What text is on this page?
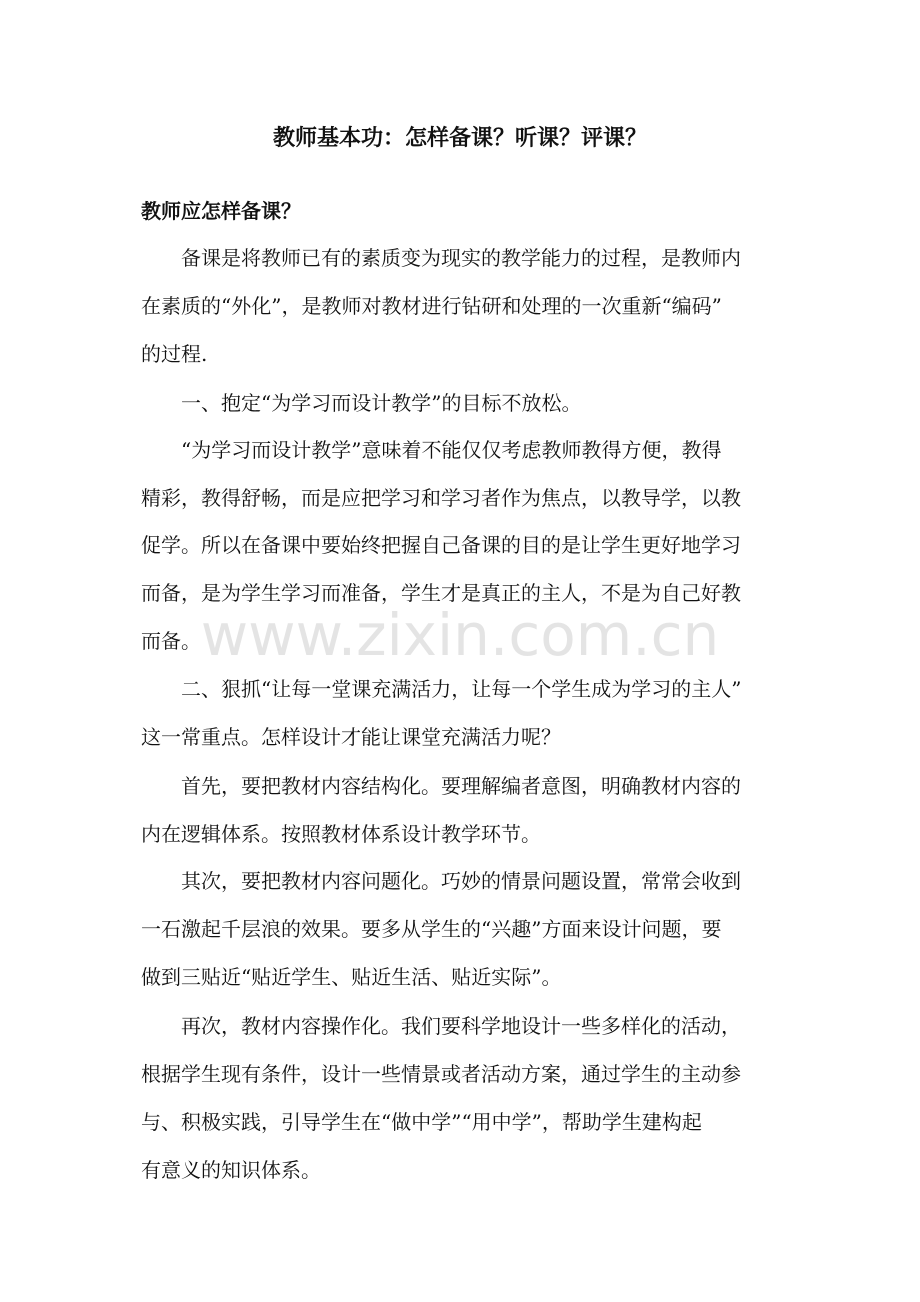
教师基本功：怎样备课？听课？评课？
教师应怎样备课？
备课是将教师已有的素质变为现实的教学能力的过程，是教师内
在素质的“外化”，是教师对教材进行钻研和处理的一次重新“编码”
的过程.
一、抱定“为学习而设计教学”的目标不放松。
“为学习而设计教学”意味着不能仅仅考虑教师教得方便，教得
精彩，教得舒畅，而是应把学习和学习者作为焦点，以教导学，以教
促学。所以在备课中要始终把握自己备课的目的是让学生更好地学习
而备，是为学生学习而准备，学生才是真正的主人，不是为自己好教
而备。
二、狠抓“让每一堂课充满活力，让每一个学生成为学习的主人”
这一常重点。怎样设计才能让课堂充满活力呢？
首先，要把教材内容结构化。要理解编者意图，明确教材内容的
内在逻辑体系。按照教材体系设计教学环节。
其次，要把教材内容问题化。巧妙的情景问题设置，常常会收到
一石激起千层浪的效果。要多从学生的“兴趣”方面来设计问题，要
做到三贴近“贴近学生、贴近生活、贴近实际”。
再次，教材内容操作化。我们要科学地设计一些多样化的活动，
根据学生现有条件，设计一些情景或者活动方案，通过学生的主动参
与、积极实践，引导学生在“做中学”“用中学”，帮助学生建构起
有意义的知识体系。
www.zixin.com.cn
